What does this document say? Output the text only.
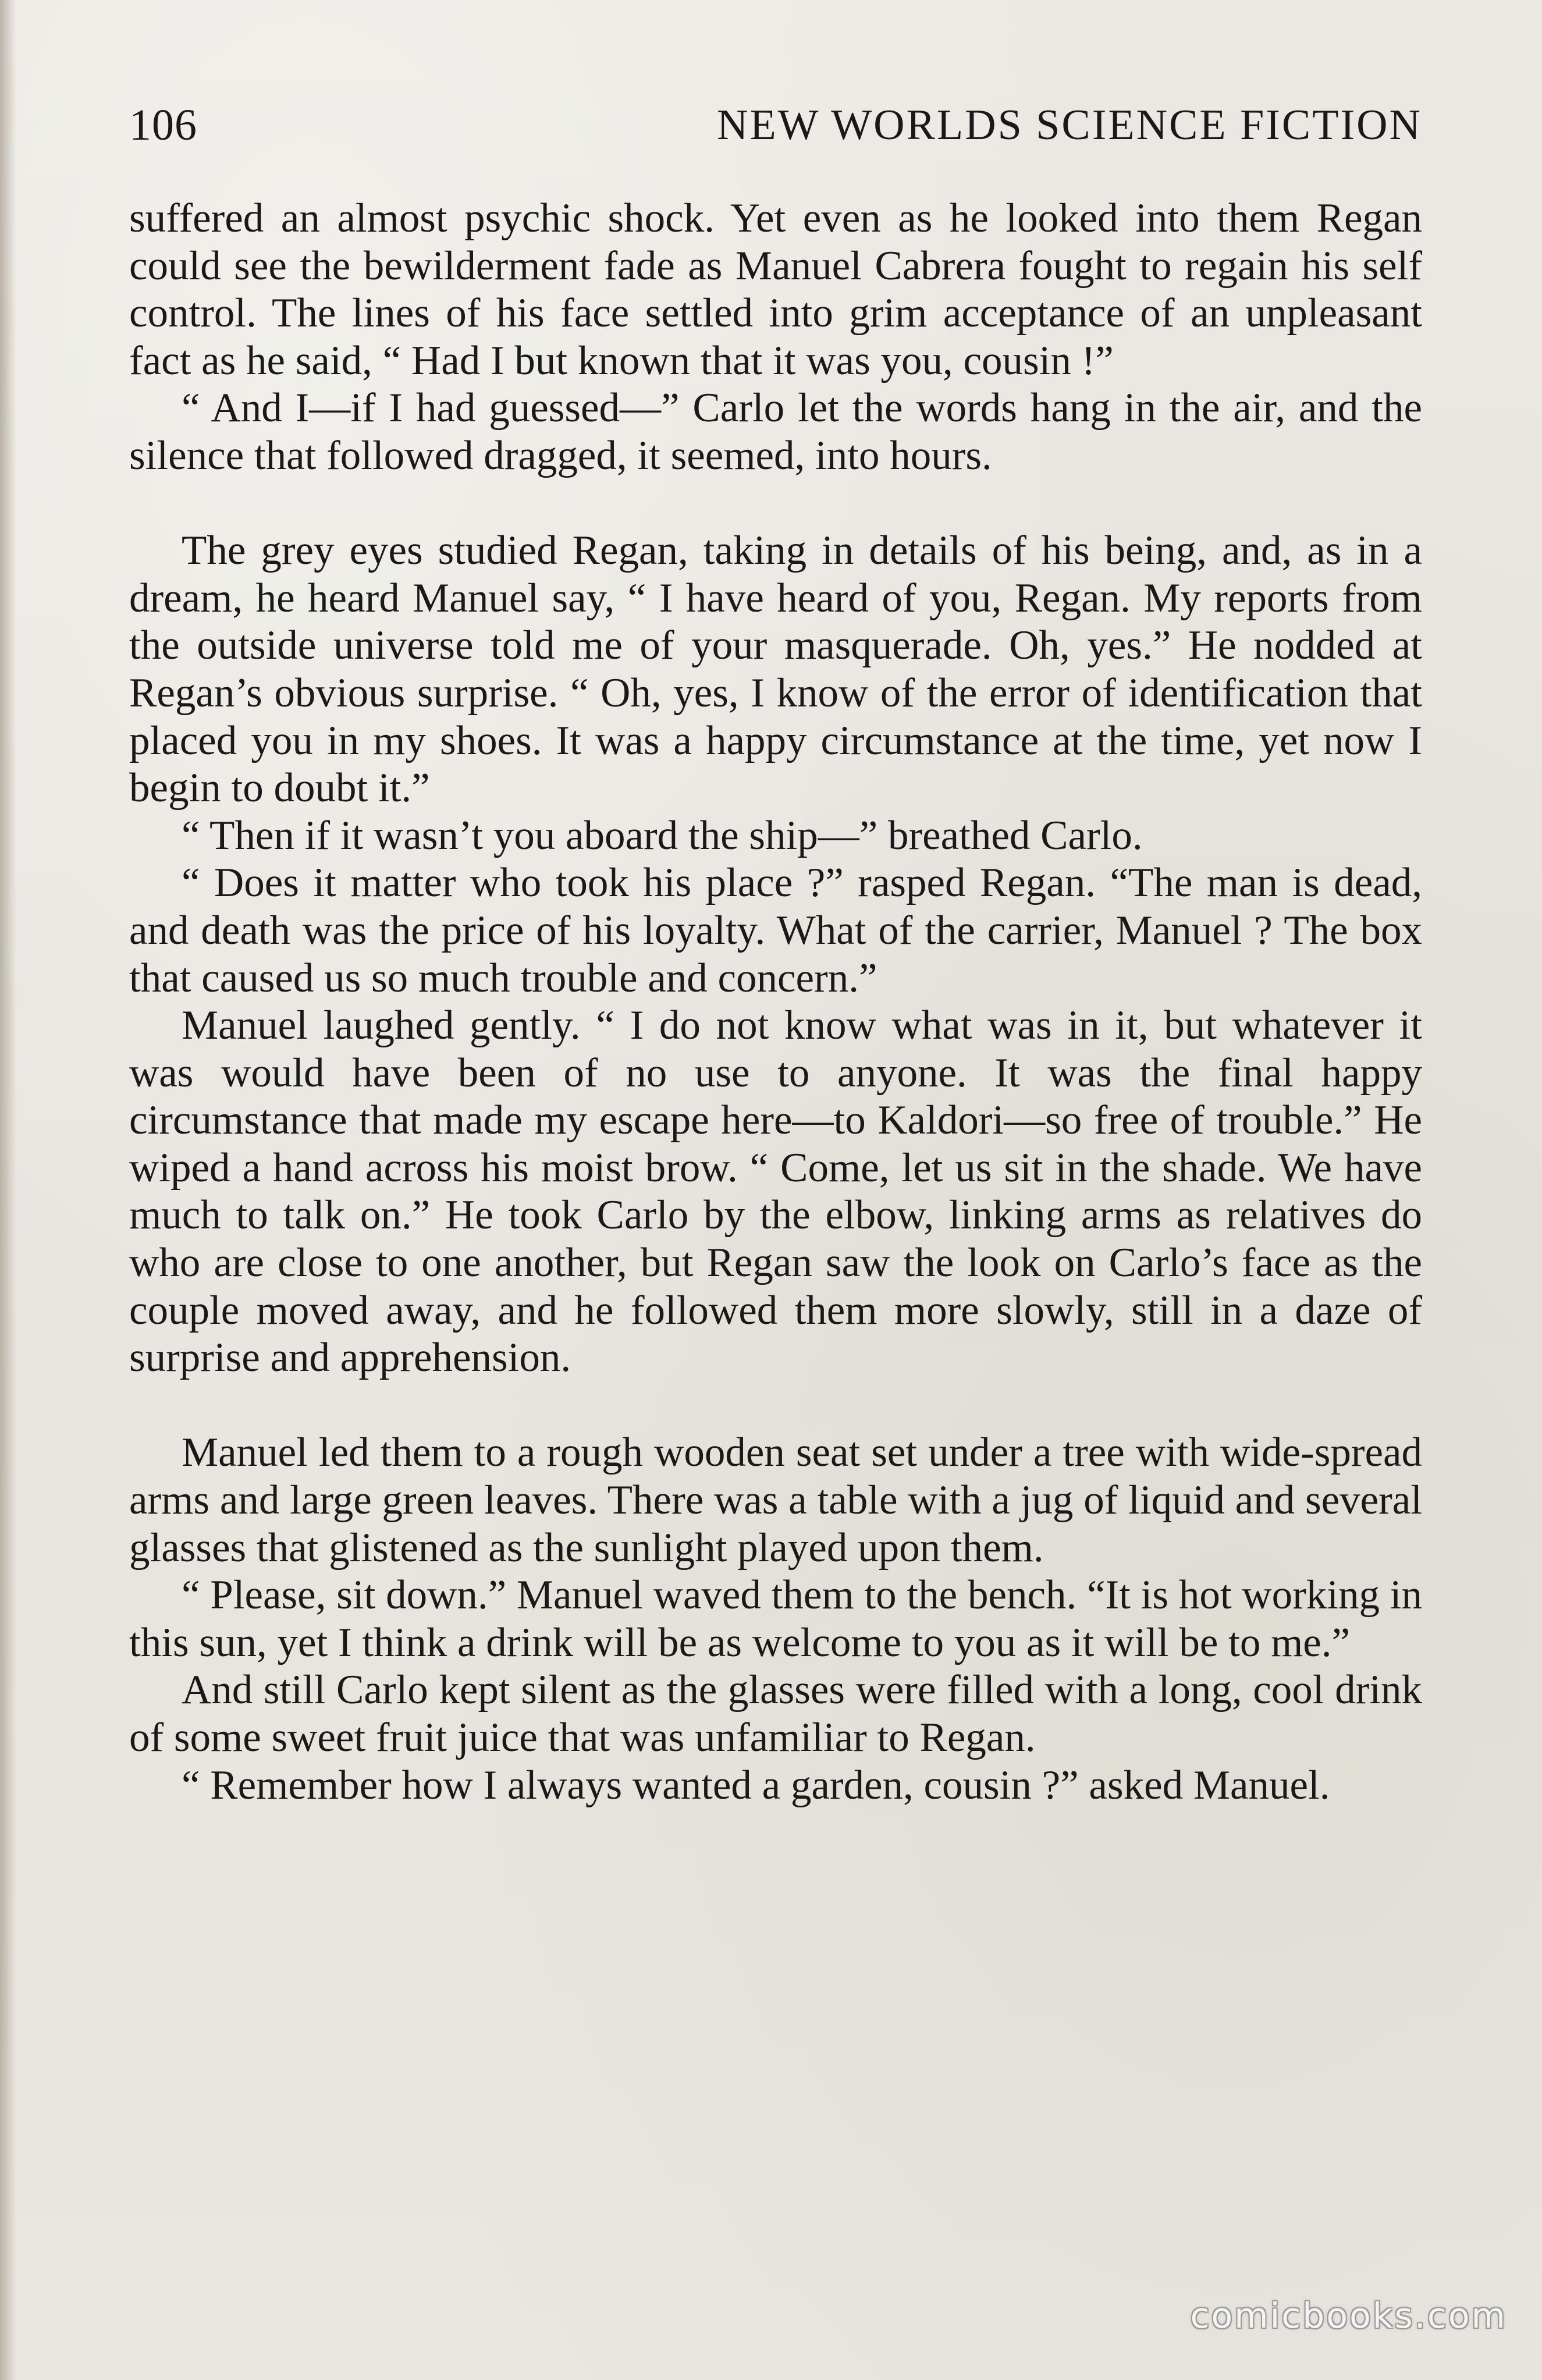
106	NEW WORLDS SCIENCE FICTION

suffered an almost psychic shock. Yet even as he looked into them Regan could see the bewilderment fade as Manuel Cabrera fought to regain his self control. The lines of his face settled into grim acceptance of an unpleasant fact as he said, “ Had I but known that it was you, cousin !”

“ And I—if I had guessed—” Carlo let the words hang in the air, and the silence that followed dragged, it seemed, into hours.

The grey eyes studied Regan, taking in details of his being, and, as in a dream, he heard Manuel say, “ I have heard of you, Regan. My reports from the outside universe told me of your masquerade. Oh, yes.” He nodded at Regan’s obvious surprise. “ Oh, yes, I know of the error of identification that placed you in my shoes. It was a happy circumstance at the time, yet now I begin to doubt it.”

“ Then if it wasn’t you aboard the ship—” breathed Carlo.

“ Does it matter who took his place ?” rasped Regan. “The man is dead, and death was the price of his loyalty. What of the carrier, Manuel ? The box that caused us so much trouble and concern.”

Manuel laughed gently. “ I do not know what was in it, but whatever it was would have been of no use to anyone. It was the final happy circumstance that made my escape here—to Kaldori—so free of trouble.” He wiped a hand across his moist brow. “ Come, let us sit in the shade. We have much to talk on.” He took Carlo by the elbow, linking arms as relatives do who are close to one another, but Regan saw the look on Carlo’s face as the couple moved away, and he followed them more slowly, still in a daze of surprise and apprehension.

Manuel led them to a rough wooden seat set under a tree with wide-spread arms and large green leaves. There was a table with a jug of liquid and several glasses that glistened as the sunlight played upon them.

“ Please, sit down.” Manuel waved them to the bench. “It is hot working in this sun, yet I think a drink will be as welcome to you as it will be to me.”

And still Carlo kept silent as the glasses were filled with a long, cool drink of some sweet fruit juice that was unfamiliar to Regan.

“ Remember how I always wanted a garden, cousin ?” asked Manuel.

comicbooks.com
